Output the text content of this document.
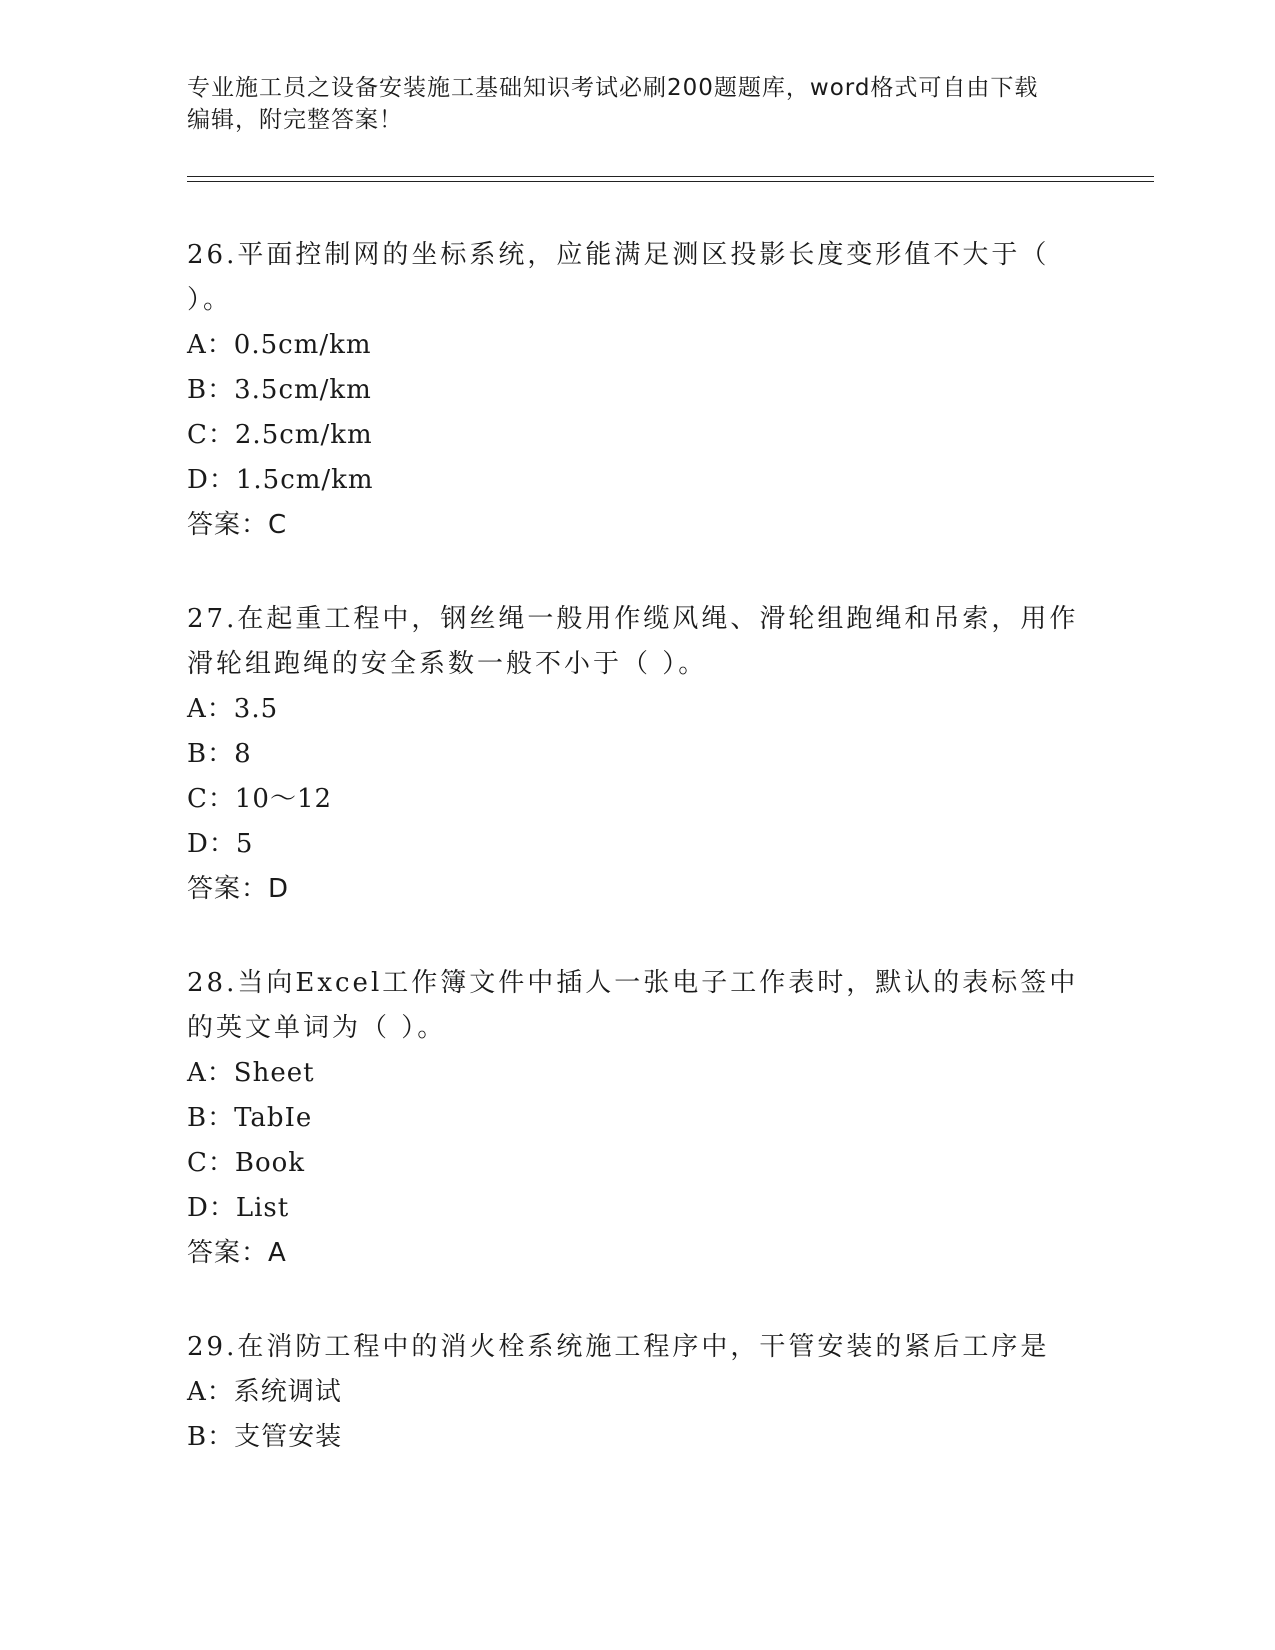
专业施工员之设备安装施工基础知识考试必刷200题题库，word格式可自由下载
编辑，附完整答案！
26.平面控制网的坐标系统，应能满足测区投影长度变形值不大于（
）。
A：0.5cm/km
B：3.5cm/km
C：2.5cm/km
D：1.5cm/km
答案：C
27.在起重工程中，钢丝绳一般用作缆风绳、滑轮组跑绳和吊索，用作
滑轮组跑绳的安全系数一般不小于（ ）。
A：3.5
B：8
C：10～12
D：5
答案：D
28.当向Excel工作簿文件中插人一张电子工作表时，默认的表标签中
的英文单词为（ ）。
A：Sheet
B：TabIe
C：Book
D：List
答案：A
29.在消防工程中的消火栓系统施工程序中，干管安装的紧后工序是
A：系统调试
B：支管安装
